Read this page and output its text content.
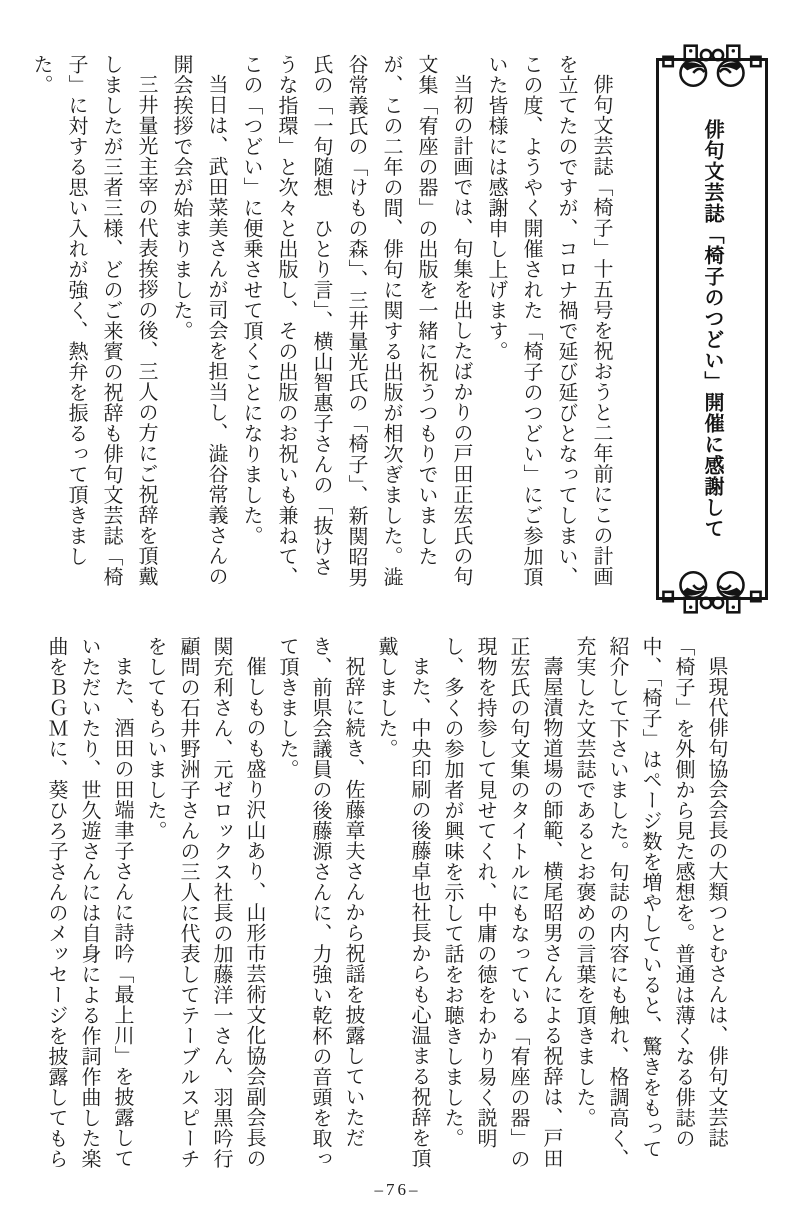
俳句文芸誌「椅子のつどい」開催に感謝して

俳句文芸誌「椅子」十五号を祝おうと二年前にこの計画を立てたのですが、コロナ禍で延び延びとなってしまい、この度、ようやく開催された「椅子のつどい」にご参加頂いた皆様には感謝申し上げます。

当初の計画では、句集を出したばかりの戸田正宏氏の句文集「宥座の器」の出版を一緒に祝うつもりでいましたが、この二年の間、俳句に関する出版が相次ぎました。澁谷常義氏の「けもの森」、三井量光氏の「椅子」、新関昭男氏の「一句随想　ひとり言」、横山智惠子さんの「抜けさうな指環」と次々と出版し、その出版のお祝いも兼ねて、この「つどい」に便乗させて頂くことになりました。

当日は、武田菜美さんが司会を担当し、澁谷常義さんの開会挨拶で会が始まりました。

三井量光主宰の代表挨拶の後、三人の方にご祝辞を頂戴しましたが三者三様、どのご来賓の祝辞も俳句文芸誌「椅子」に対する思い入れが強く、熱弁を振るって頂きました。

県現代俳句協会会長の大類つとむさんは、俳句文芸誌「椅子」を外側から見た感想を。普通は薄くなる俳誌の中、「椅子」はページ数を増やしていると、驚きをもって紹介して下さいました。句誌の内容にも触れ、格調高く、充実した文芸誌であるとお褒めの言葉を頂きました。

壽屋漬物道場の師範、横尾昭男さんによる祝辞は、戸田正宏氏の句文集のタイトルにもなっている「宥座の器」の現物を持参して見せてくれ、中庸の徳をわかり易く説明し、多くの参加者が興味を示して話をお聴きしました。

また、中央印刷の後藤卓也社長からも心温まる祝辞を頂戴しました。

祝辞に続き、佐藤章夫さんから祝謡を披露していただき、前県会議員の後藤源さんに、力強い乾杯の音頭を取って頂きました。

催しものも盛り沢山あり、山形市芸術文化協会副会長の関充利さん、元ゼロックス社長の加藤洋一さん、羽黒吟行顧問の石井野洲子さんの三人に代表してテーブルスピーチをしてもらいました。

また、酒田の田端聿子さんに詩吟「最上川」を披露していただいたり、世久遊さんには自身による作詞作曲した楽曲をＢＧＭに、葵ひろ子さんのメッセージを披露してもら

–76–
